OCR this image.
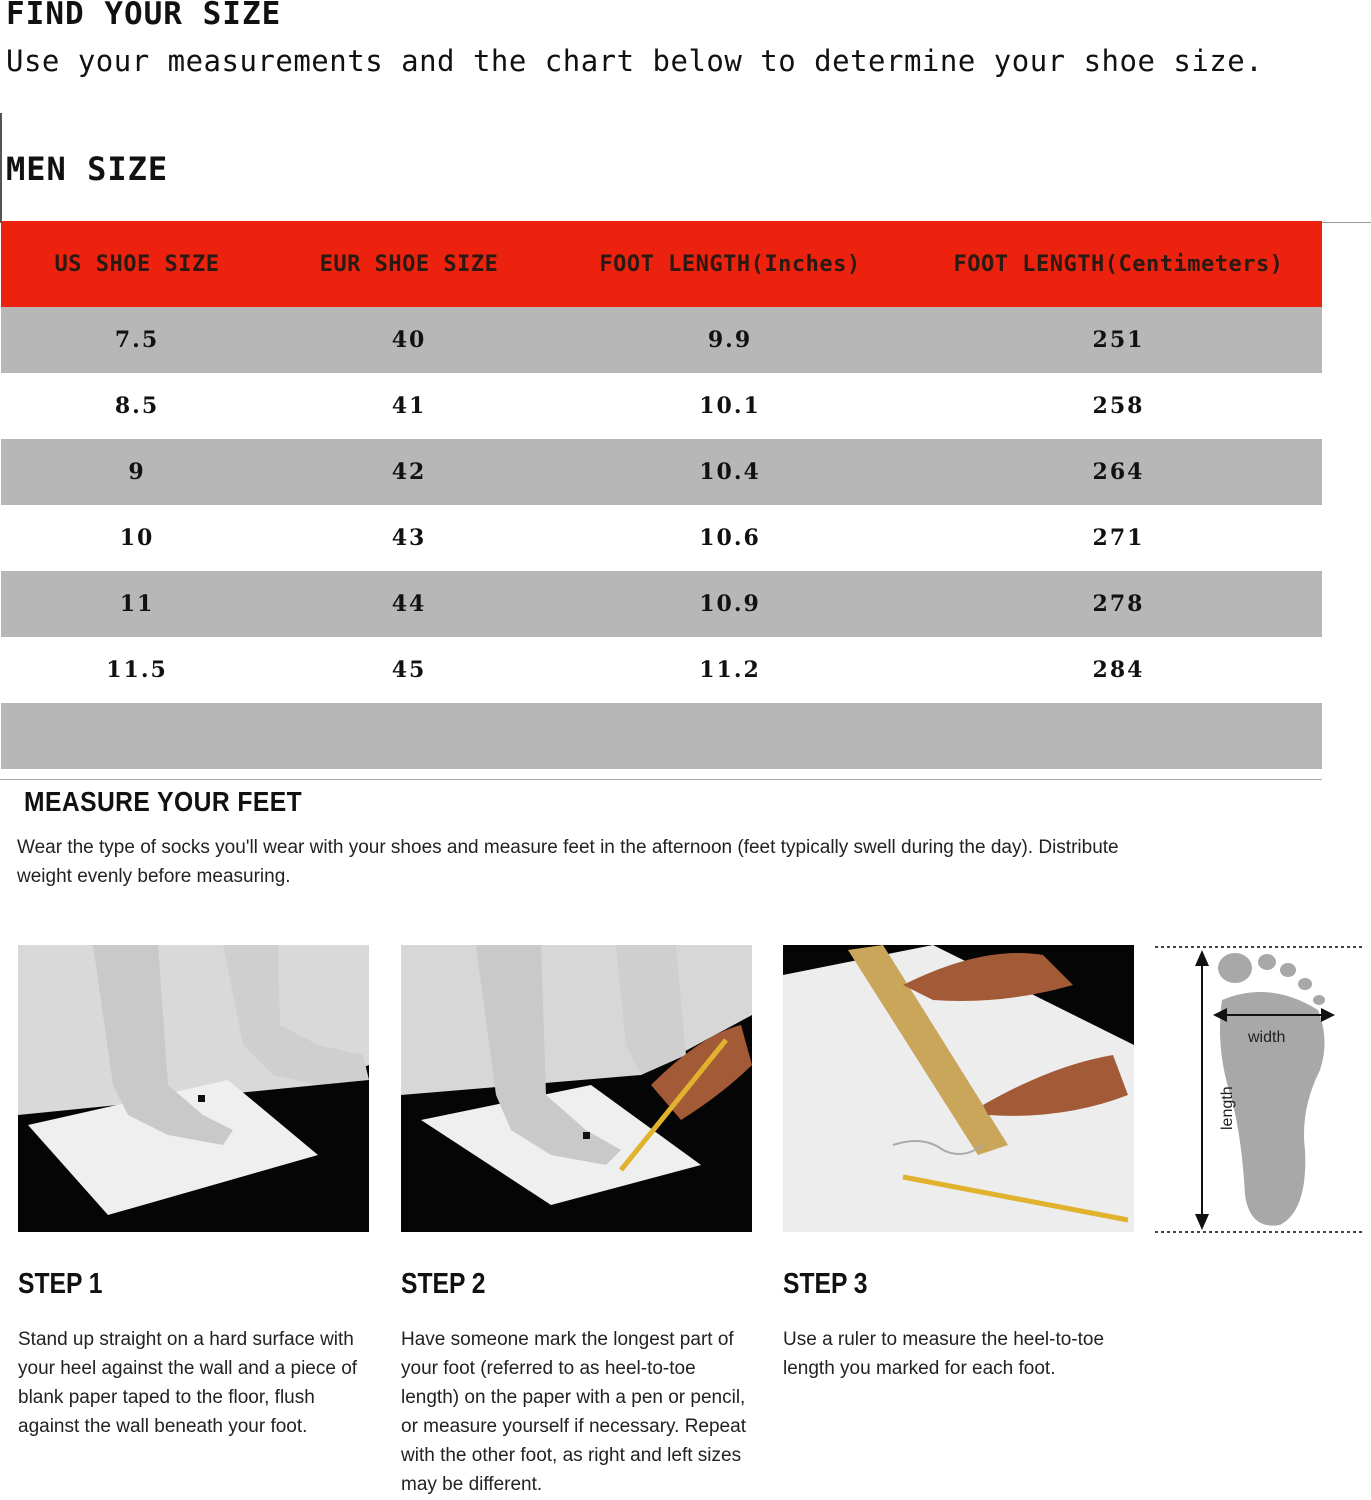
FIND YOUR SIZE

Use your measurements and the chart below to determine your shoe size.

MEN SIZE
US SHOE SIZE	EUR SHOE SIZE	FOOT LENGTH(Inches)	FOOT LENGTH(Centimeters)
7.5	40	9.9	251
8.5	41	10.1	258
9	42	10.4	264
10	43	10.6	271
11	44	10.9	278
11.5	45	11.2	284

MEASURE YOUR FEET

Wear the type of socks you'll wear with your shoes and measure feet in the afternoon (feet typically swell during the day). Distribute weight evenly before measuring.

width
length
STEP 1

Stand up straight on a hard surface with your heel against the wall and a piece of blank paper taped to the floor, flush against the wall beneath your foot.

STEP 2

Have someone mark the longest part of your foot (referred to as heel-to-toe length) on the paper with a pen or pencil, or measure yourself if necessary. Repeat with the other foot, as right and left sizes may be different.

STEP 3

Use a ruler to measure the heel-to-toe length you marked for each foot.
